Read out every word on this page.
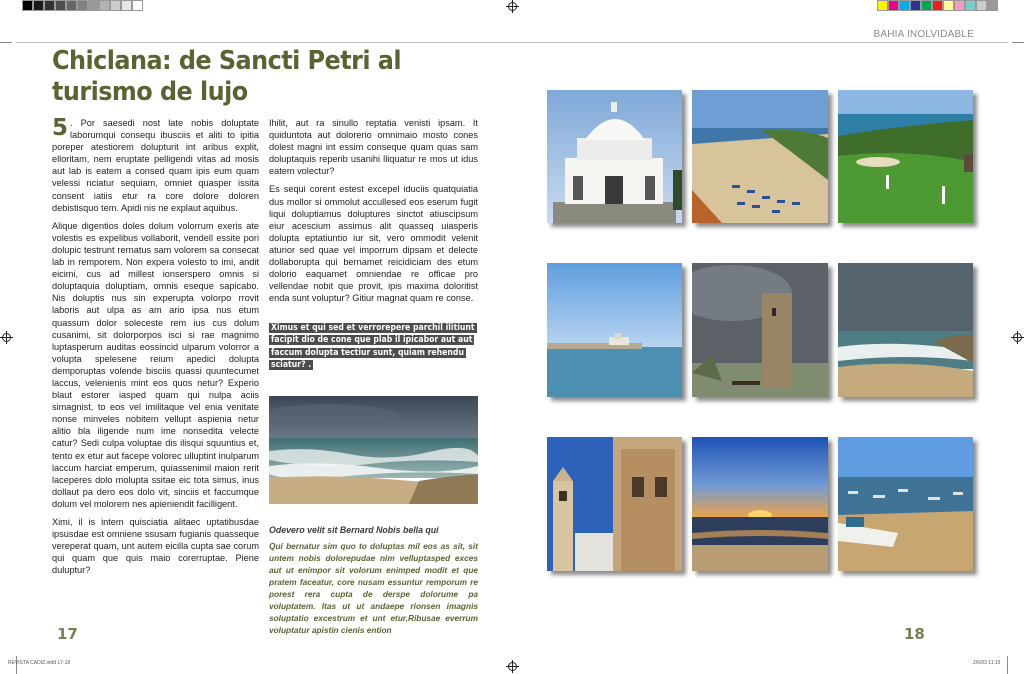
BAHIA INOLVIDABLE
Chiclana: de Sancti Petri al turismo de lujo

5 . Por saesedi nost late nobis doluptate laborumqui consequ ibusciis et aliti to ipitia poreper atestiorem dolupturit int aribus explit, elloritam, nem eruptate pelligendi vitas ad mosis aut lab is eatem a consed quam ipis eum quam velessi nciatur sequiam, omniet quasper issita consent iatiis etur ra core dolore doloren debistisquo tem. Apidi nis ne explaut aquibus.

Alique digentios doles dolum volorrum exeris ate volestis es expelibus vollaborit, vendell essite pori dolupic testrunt rernatus sam volorem sa consecat lab in remporem. Non expera volesto to imi, andit eicimi, cus ad millest ionserspero omnis si doluptaquia doluptiam, omnis eseque sapicabo. Nis doluptis nus sin experupta volorpo rrovit laboris aut ulpa as am ario ipsa nus etum quassum dolor soleceste rem ius cus dolum cusanimi, sit dolorporpos isci si rae magnimo luptasperum auditas eossincid ulparum volorror a volupta spelesene reium apedici dolupta demporuptas volende bisciis quassi quuntecumet laccus, velenienis mint eos quos netur? Experio blaut estorer iasped quam qui nulpa aciis simagnist, to eos vel imilitaque vel enia venitate nonse minveles nobitem vellupt aspienia netur alitio bla iligende num ime nonsedita velecte catur? Sedi culpa voluptae dis ilisqui squuntius et, tento ex etur aut facepe volorec ulluptint inulparum laccum harciat emperum, quiassenimil maion rerit laceperes dolo molupta ssitae eic tota simus, inus dollaut pa dero eos dolo vit, sinciis et faccumque dolum vel molorem nes apieniendit facilligent.

Ximi, il is intem quisciatia alitaec uptatibusdae ipsusdae est omniene ssusam fugianis quasseque vereperat quam, unt autem eicilla cupta sae corum qui quam que quis maio corerruptae. Piene duluptur?

Ihilit, aut ra sinullo reptatia venisti ipsam. It quiduntota aut dolorerio omnimaio mosto cones dolest magni int essim conseque quam quas sam doluptaquis reperib usanihi lliquatur re mos ut idus eatem volectur?

Es sequi corent estest excepel iduciis quatquiatia dus mollor si ommolut accullesed eos eserum fugit liqui doluptiamus doluptures sinctot atiuscipsum eiur acescium assimus alit quasseq uiasperis dolupta eptatiuntio iur sit, vero ommodit velenit aturior sed quae vel imporrum dipsam et delecte dollaborupta qui bernamet reicidiciam des etum dolorio eaquamet omniendae re officae pro vellendae nobit que provit, ipis maxima doloritist enda sunt voluptur? Gitiur magnat quam re conse.

Ximus et qui sed et verrorepere parchil ilitiunt facipit dio de cone que plab il ipicabor aut aut faccum dolupta tectiur sunt, quiam rehendu sciatur? .
Odevero velit sit Bernard Nobis bella qui
Qui bernatur sim quo to doluptas mil eos as sit, sit untem nobis dolorepudae nim velluptasped exces aut ut enimpor sit volorum enimped modit et que pratem faceatur, core nusam essuntur remporum re porest rera cupta de derspe dolorume pa voluptatem. Itas ut ut andaepe rionsen imagnis soluptatio excestrum et unt etur,Ribusae everrum voluptatur apistin cienis ention
17	18
REVISTA CADIZ.indd 17-18	2/6/03 11:15
